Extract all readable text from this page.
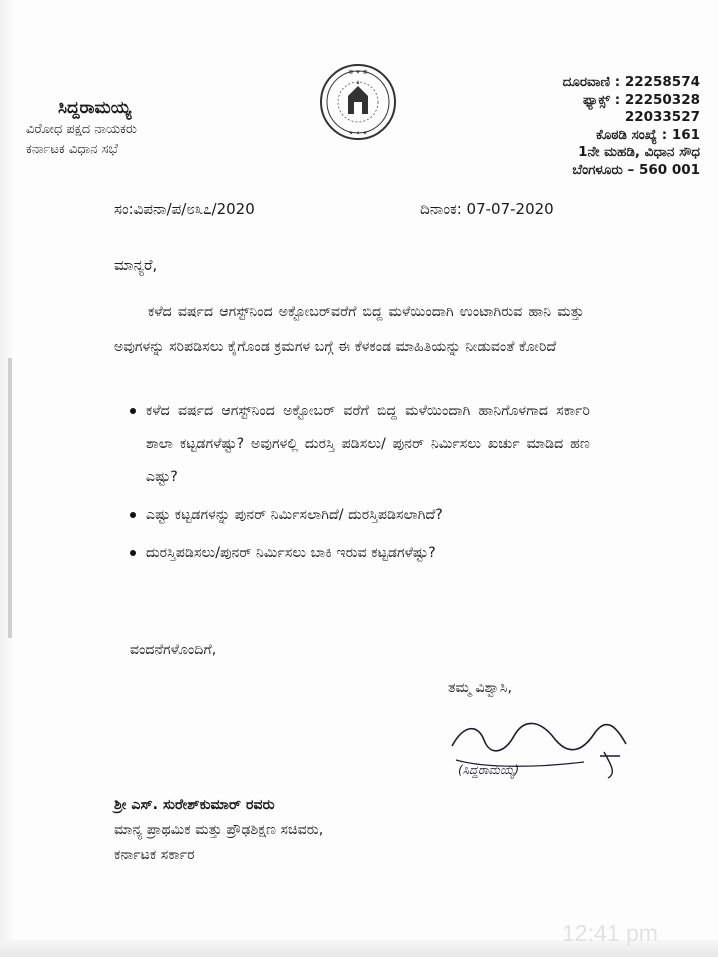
ಸಿದ್ದರಾಮಯ್ಯ
ವಿರೋಧ ಪಕ್ಷದ ನಾಯಕರು
ಕರ್ನಾಟಕ ವಿಧಾನ ಸಭೆ
☸ ✦ ☸
✦ ✦ ✦
ದೂರವಾಣಿ : 22258574
ಫ್ಯಾಕ್ಸ್ : 22250328
22033527
ಕೊಠಡಿ ಸಂಖ್ಯೆ : 161
1ನೇ ಮಹಡಿ, ವಿಧಾನ ಸೌಧ
ಬೆಂಗಳೂರು – 560 001
ಸಂ:ವಿಪನಾ/ಪ/೮೩೭/2020	ದಿನಾಂಕ: 07-07-2020
ಮಾನ್ಯರೆ,
ಕಳೆದ ವರ್ಷದ ಆಗಸ್ಟ್‌ನಿಂದ ಅಕ್ಟೋಬರ್‌ವರೆಗೆ ಬಿದ್ದ ಮಳೆಯಿಂದಾಗಿ ಉಂಟಾಗಿರುವ ಹಾನಿ ಮತ್ತು ಅವುಗಳನ್ನು ಸರಿಪಡಿಸಲು ಕೈಗೊಂಡ ಕ್ರಮಗಳ ಬಗ್ಗೆ ಈ ಕೆಳಕಂಡ ಮಾಹಿತಿಯನ್ನು ನೀಡುವಂತೆ ಕೋರಿದೆ
ಕಳೆದ ವರ್ಷದ ಆಗಸ್ಟ್‌ನಿಂದ ಅಕ್ಟೋಬರ್ ವರೆಗೆ ಬಿದ್ದ ಮಳೆಯಿಂದಾಗಿ ಹಾನಿಗೊಳಗಾದ ಸರ್ಕಾರಿ ಶಾಲಾ ಕಟ್ಟಡಗಳೆಷ್ಟು? ಅವುಗಳಲ್ಲಿ ದುರಸ್ತಿ ಪಡಿಸಲು/ ಪುನರ್ ನಿರ್ಮಿಸಲು ಖರ್ಚು ಮಾಡಿದ ಹಣ ಎಷ್ಟು?
ಎಷ್ಟು ಕಟ್ಟಡಗಳನ್ನು ಪುನರ್ ನಿರ್ಮಿಸಲಾಗಿದೆ/ ದುರಸ್ತಿಪಡಿಸಲಾಗಿದೆ?
ದುರಸ್ತಿಪಡಿಸಲು/ಪುನರ್ ನಿರ್ಮಿಸಲು ಬಾಕಿ ಇರುವ ಕಟ್ಟಡಗಳೆಷ್ಟು?
ವಂದನೆಗಳೊಂದಿಗೆ,
ತಮ್ಮ ವಿಶ್ವಾಸಿ,
(ಸಿದ್ದರಾಮಯ್ಯ)
ಶ್ರೀ ಎಸ್. ಸುರೇಶ್‌ಕುಮಾರ್ ರವರು
ಮಾನ್ಯ ಪ್ರಾಥಮಿಕ ಮತ್ತು ಪ್ರೌಢಶಿಕ್ಷಣ ಸಚಿವರು,
ಕರ್ನಾಟಕ ಸರ್ಕಾರ
12:41 pm
